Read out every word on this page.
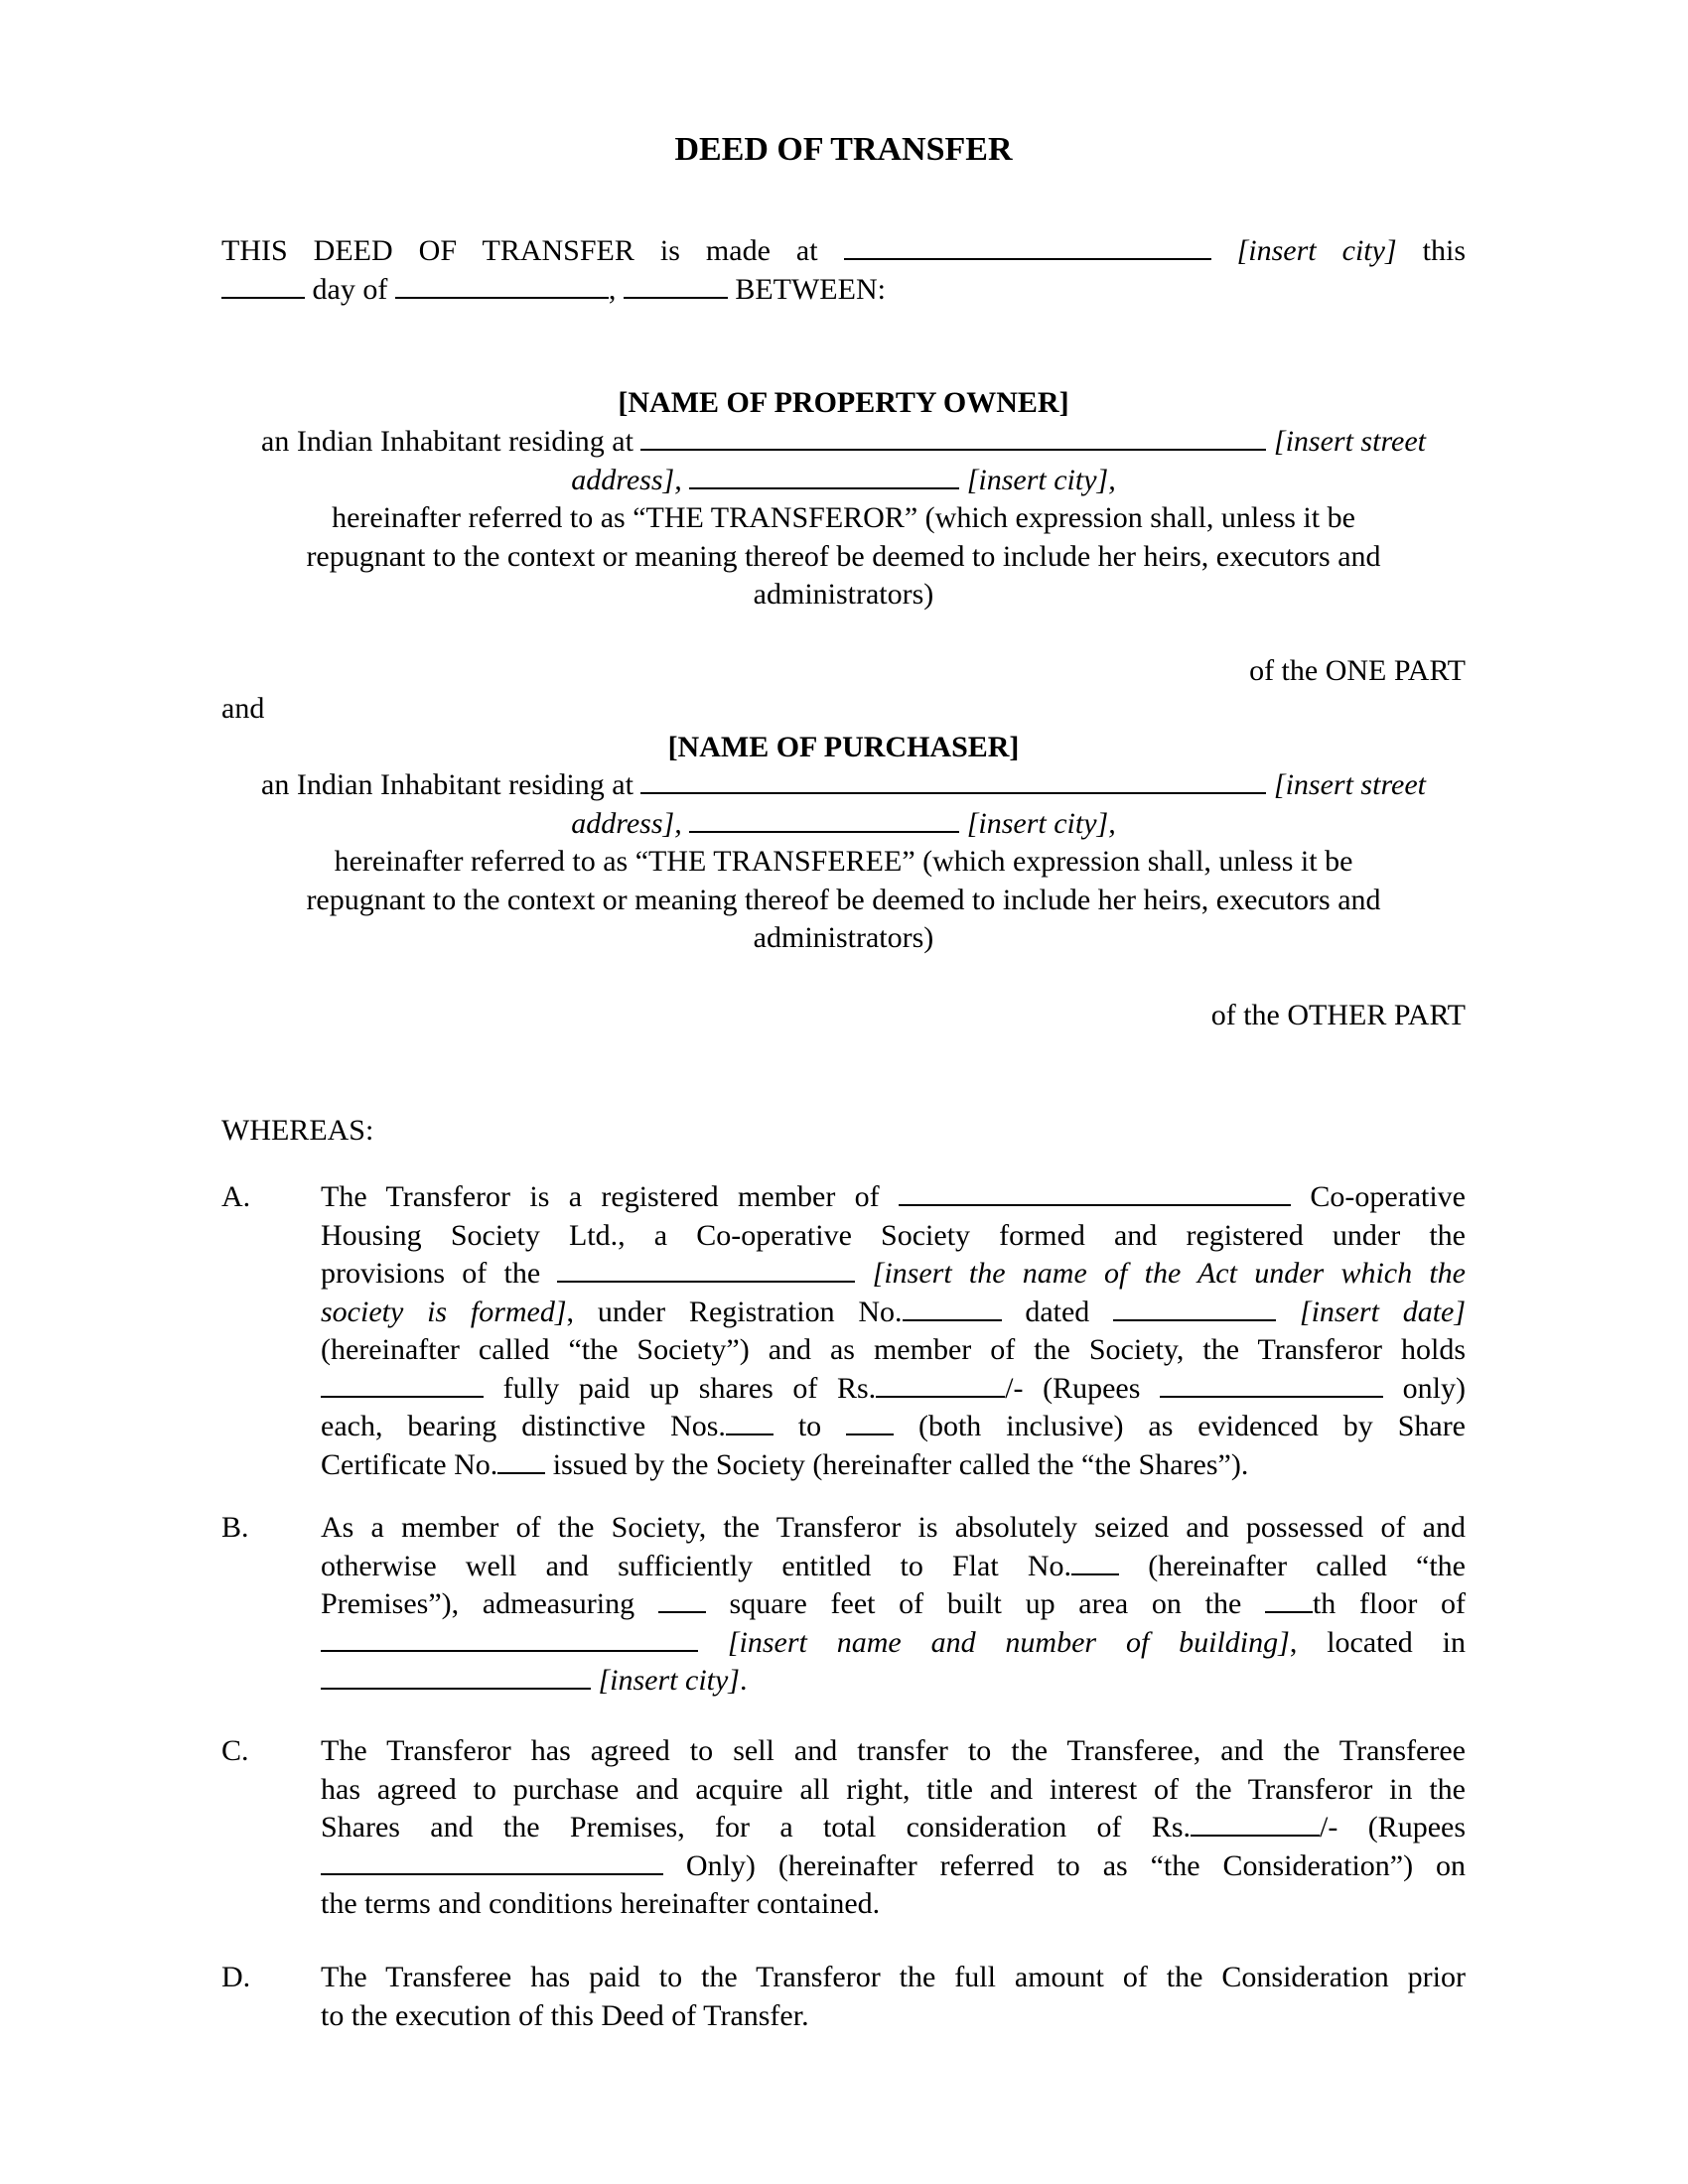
DEED OF TRANSFER
THIS DEED OF TRANSFER is made at	[insert city] this
day of	,	BETWEEN:
[NAME OF PROPERTY OWNER]
an Indian Inhabitant residing at	[insert street
address],	[insert city],
hereinafter referred to as “THE TRANSFEROR” (which expression shall, unless it be
repugnant to the context or meaning thereof be deemed to include her heirs, executors and
administrators)
of the ONE PART
and
[NAME OF PURCHASER]
an Indian Inhabitant residing at	[insert street
address],	[insert city],
hereinafter referred to as “THE TRANSFEREE” (which expression shall, unless it be
repugnant to the context or meaning thereof be deemed to include her heirs, executors and
administrators)
of the OTHER PART
WHEREAS:
A. The Transferor is a registered member of	Co-operative
Housing Society Ltd., a Co-operative Society formed and registered under the
provisions of the	[insert the name of the Act under which the
society is formed], under Registration No.	dated	[insert date]
(hereinafter called “the Society”) and as member of the Society, the Transferor holds
fully paid up shares of Rs.	/- (Rupees	only)
each, bearing distinctive Nos. to	(both inclusive) as evidenced by Share
Certificate No. issued by the Society (hereinafter called the “the Shares”).
B. As a member of the Society, the Transferor is absolutely seized and possessed of and
otherwise well and sufficiently entitled to Flat No.	(hereinafter called “the
Premises”), admeasuring	square feet of built up area on the th floor of
[insert name and number of building], located in
[insert city].
C. The Transferor has agreed to sell and transfer to the Transferee, and the Transferee
has agreed to purchase and acquire all right, title and interest of the Transferor in the
Shares and the Premises, for a total consideration of Rs.	/- (Rupees
Only) (hereinafter referred to as “the Consideration”) on
the terms and conditions hereinafter contained.
D. The Transferee has paid to the Transferor the full amount of the Consideration prior
to the execution of this Deed of Transfer.
